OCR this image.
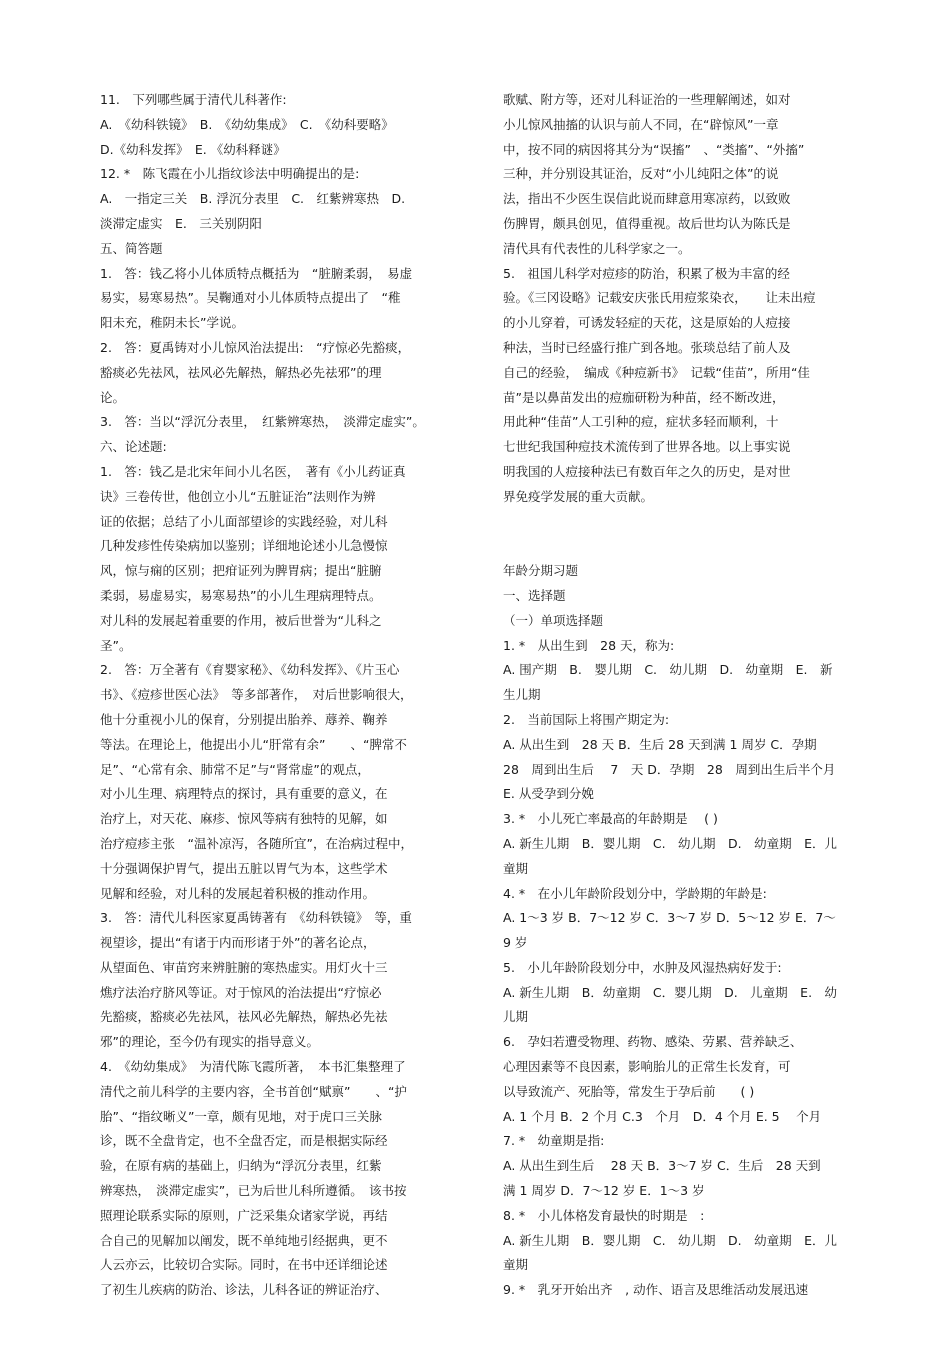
11.　下列哪些属于清代儿科著作:
A.　《幼科铁镜》　B.　《幼幼集成》　C.　《幼科要略》
D.《幼科发挥》　E. 《幼科释谜》
12. *　陈飞霞在小儿指纹诊法中明确提出的是:
A.　一指定三关　B. 浮沉分表里　C.　红紫辨寒热　D.
淡滞定虚实　E.　三关别阴阳
五、简答题
1.　答：钱乙将小儿体质特点概括为　“脏腑柔弱，　易虚
易实，易寒易热”。吴鞠通对小儿体质特点提出了　“稚
阳未充，稚阴未长”学说。
2.　答：夏禹铸对小儿惊风治法提出:　“疗惊必先豁痰，
豁痰必先祛风，祛风必先解热，解热必先祛邪”的理
论。
3.　答：当以“浮沉分表里，　红紫辨寒热，　淡滞定虚实”。
六、论述题:
1.　答：钱乙是北宋年间小儿名医，　著有《小儿药证真
诀》三卷传世，他创立小儿“五脏证治”法则作为辨
证的依据；总结了小儿面部望诊的实践经验，对儿科
几种发疹性传染病加以鉴别；详细地论述小儿急慢惊
风，惊与痫的区别；把疳证列为脾胃病；提出“脏腑
柔弱，易虚易实，易寒易热”的小儿生理病理特点。
对儿科的发展起着重要的作用，被后世誉为“儿科之
圣”。
2.　答：万全著有《育婴家秘》、《幼科发挥》、《片玉心
书》、《痘疹世医心法》　等多部著作，　对后世影响很大，
他十分重视小儿的保育，分别提出胎养、蓐养、鞠养
等法。在理论上，他提出小儿“肝常有余”　　、“脾常不
足”、“心常有余、肺常不足”与“肾常虚”的观点，
对小儿生理、病理特点的探讨，具有重要的意义，在
治疗上，对天花、麻疹、惊风等病有独特的见解，如
治疗痘疹主张　“温补凉泻，各随所宜”，在治病过程中，
十分强调保护胃气，提出五脏以胃气为本，这些学术
见解和经验，对儿科的发展起着积极的推动作用。
3.　答：清代儿科医家夏禹铸著有　《幼科铁镜》　等，重
视望诊，提出“有诸于内而形诸于外”的著名论点，
从望面色、审苗窍来辨脏腑的寒热虚实。用灯火十三
燋疗法治疗脐风等证。对于惊风的治法提出“疗惊必
先豁痰，豁痰必先祛风，祛风必先解热，解热必先祛
邪”的理论，至今仍有现实的指导意义。
4.　《幼幼集成》　为清代陈飞霞所著，　本书汇集整理了
清代之前儿科学的主要内容，全书首创“赋禀”　　、“护
胎”、“指纹晰义”一章，颇有见地，对于虎口三关脉
诊，既不全盘肯定，也不全盘否定，而是根据实际经
验，在原有病的基础上，归纳为“浮沉分表里，红紫
辨寒热，　淡滞定虚实”，已为后世儿科所遵循。　该书按
照理论联系实际的原则，广泛采集众诸家学说，再结
合自己的见解加以阐发，既不单纯地引经据典，更不
人云亦云，比较切合实际。同时，在书中还详细论述
了初生儿疾病的防治、诊法，儿科各证的辨证治疗、
歌赋、附方等，还对儿科证治的一些理解阐述，如对
小儿惊风抽搐的认识与前人不同，在“辟惊风”一章
中，按不同的病因将其分为“误搐”　、“类搐”、“外搐”
三种，并分别设其证治，反对“小儿纯阳之体”的说
法，指出不少医生误信此说而肆意用寒凉药，以致败
伤脾胃，颇具创见，值得重视。故后世均认为陈氏是
清代具有代表性的儿科学家之一。
5.　祖国儿科学对痘疹的防治，积累了极为丰富的经
验。《三冈设略》记载安庆张氏用痘浆染衣，　　让未出痘
的小儿穿着，可诱发轻症的天花，这是原始的人痘接
种法，当时已经盛行推广到各地。张琰总结了前人及
自己的经验，　编成《种痘新书》　记载“佳苗”，所用“佳
苗”是以鼻苗发出的痘痂研粉为种苗，经不断改进，
用此种“佳苗”人工引种的痘，症状多轻而顺利，十
七世纪我国种痘技术流传到了世界各地。以上事实说
明我国的人痘接种法已有数百年之久的历史，是对世
界免疫学发展的重大贡献。
年龄分期习题
一、选择题
（一）单项选择题
1. *　从出生到　28 天，称为:
A. 围产期　B.　婴儿期　C.　幼儿期　D.　幼童期　E.　新
生儿期
2.　当前国际上将围产期定为:
A. 从出生到　28 天 B．生后 28 天到满 1 周岁 C．孕期
28　周到出生后　 7　天 D．孕期　28　周到出生后半个月
E. 从受孕到分娩
3. *　小儿死亡率最高的年龄期是　 ( )
A. 新生儿期　B．婴儿期　C.　幼儿期　D.　幼童期　E．儿
童期
4. *　在小儿年龄阶段划分中，学龄期的年龄是:
A. 1～3 岁 B．7～12 岁 C．3～7 岁 D．5～12 岁 E．7～
9 岁
5.　小儿年龄阶段划分中，水肿及风湿热病好发于:
A. 新生儿期　B．幼童期　C．婴儿期　D.　儿童期　E.　幼
儿期
6.　孕妇若遭受物理、药物、感染、劳累、营养缺乏、
心理因素等不良因素，影响胎儿的正常生长发育，可
以导致流产、死胎等，常发生于孕后前　　( )
A. 1 个月 B．2 个月 C.3　个月　D．4 个月 E. 5　 个月
7. *　幼童期是指:
A. 从出生到生后　 28 天 B．3～7 岁 C．生后　28 天到
满 1 周岁 D．7～12 岁 E．1～3 岁
8. *　小儿体格发育最快的时期是　:
A. 新生儿期　B．婴儿期　C.　幼儿期　D.　幼童期　E．儿
童期
9. *　乳牙开始出齐　, 动作、语言及思维活动发展迅速
